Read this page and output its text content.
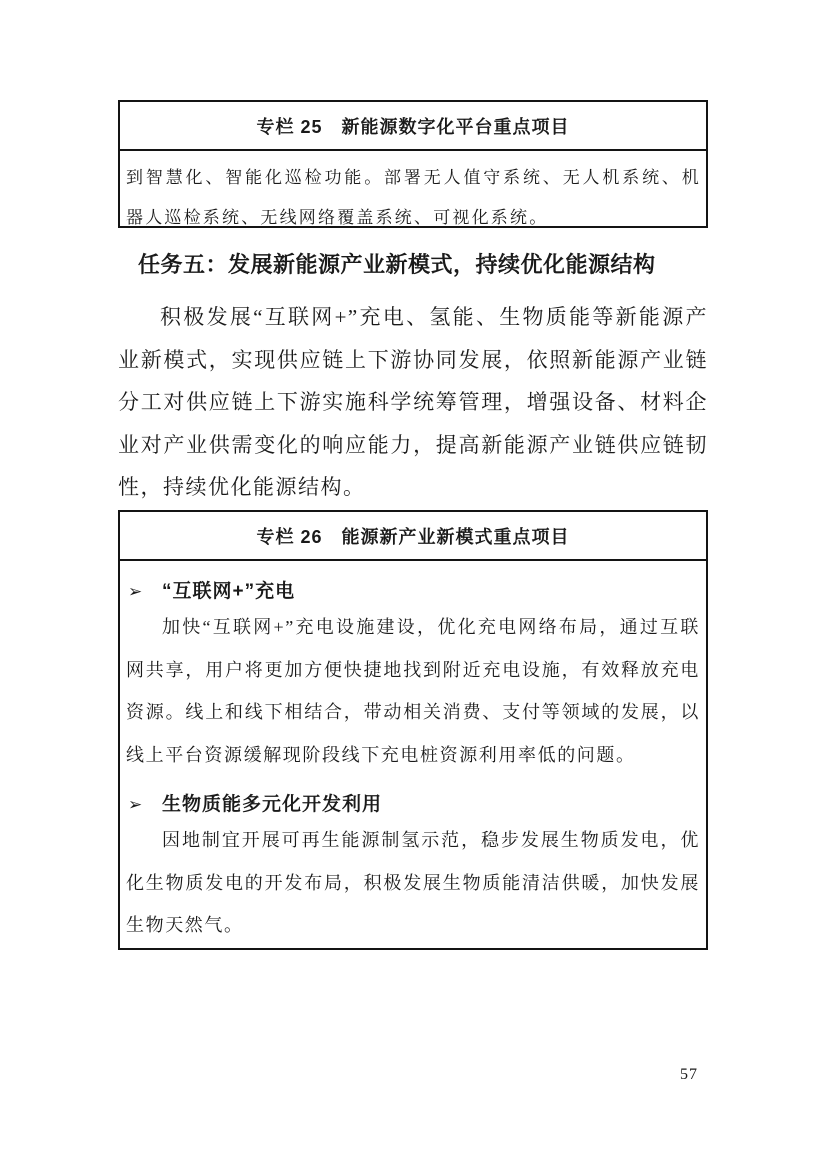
专栏 25　新能源数字化平台重点项目
到智慧化、智能化巡检功能。部署无人值守系统、无人机系统、机器人巡检系统、无线网络覆盖系统、可视化系统。
任务五：发展新能源产业新模式，持续优化能源结构
积极发展“互联网+”充电、氢能、生物质能等新能源产业新模式，实现供应链上下游协同发展，依照新能源产业链分工对供应链上下游实施科学统筹管理，增强设备、材料企业对产业供需变化的响应能力，提高新能源产业链供应链韧性，持续优化能源结构。
专栏 26　能源新产业新模式重点项目
➢ “互联网+”充电
加快“互联网+”充电设施建设，优化充电网络布局，通过互联网共享，用户将更加方便快捷地找到附近充电设施，有效释放充电资源。线上和线下相结合，带动相关消费、支付等领域的发展，以线上平台资源缓解现阶段线下充电桩资源利用率低的问题。
➢ 生物质能多元化开发利用
因地制宜开展可再生能源制氢示范，稳步发展生物质发电，优化生物质发电的开发布局，积极发展生物质能清洁供暖，加快发展生物天然气。
57
